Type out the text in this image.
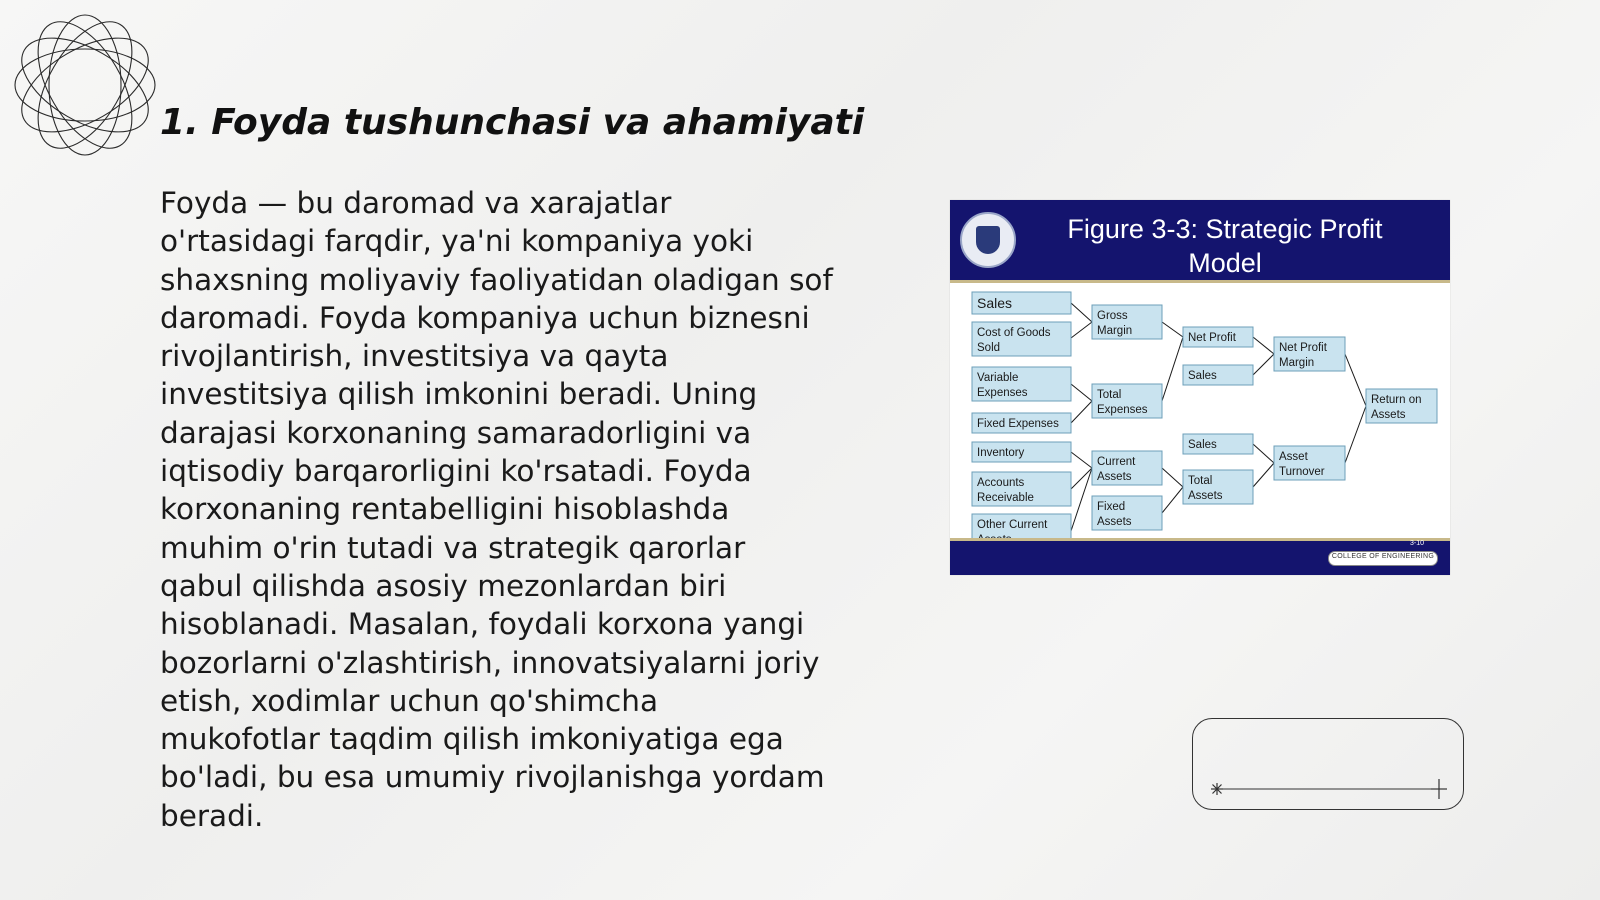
1. Foyda tushunchasi va ahamiyati
Foyda — bu daromad va xarajatlar
o'rtasidagi farqdir, ya'ni kompaniya yoki
shaxsning moliyaviy faoliyatidan oladigan sof
daromadi. Foyda kompaniya uchun biznesni
rivojlantirish, investitsiya va qayta
investitsiya qilish imkonini beradi. Uning
darajasi korxonaning samaradorligini va
iqtisodiy barqarorligini ko'rsatadi. Foyda
korxonaning rentabelligini hisoblashda
muhim o'rin tutadi va strategik qarorlar
qabul qilishda asosiy mezonlardan biri
hisoblanadi. Masalan, foydali korxona yangi
bozorlarni o'zlashtirish, innovatsiyalarni joriy
etish, xodimlar uchun qo'shimcha
mukofotlar taqdim qilish imkoniyatiga ega
bo'ladi, bu esa umumiy rivojlanishga yordam
beradi.
Figure 3-3: Strategic Profit
Model
Sales
Cost of Goods
Sold
Variable
Expenses
Fixed Expenses
Inventory
Accounts
Receivable
Other Current
Gross
Margin
Total
Expenses
Current
Assets
Fixed
Assets
Net Profit
Sales
Sales
Total
Assets
Net Profit
Margin
Asset
Turnover
Return on
Assets
3-10
COLLEGE OF ENGINEERING
